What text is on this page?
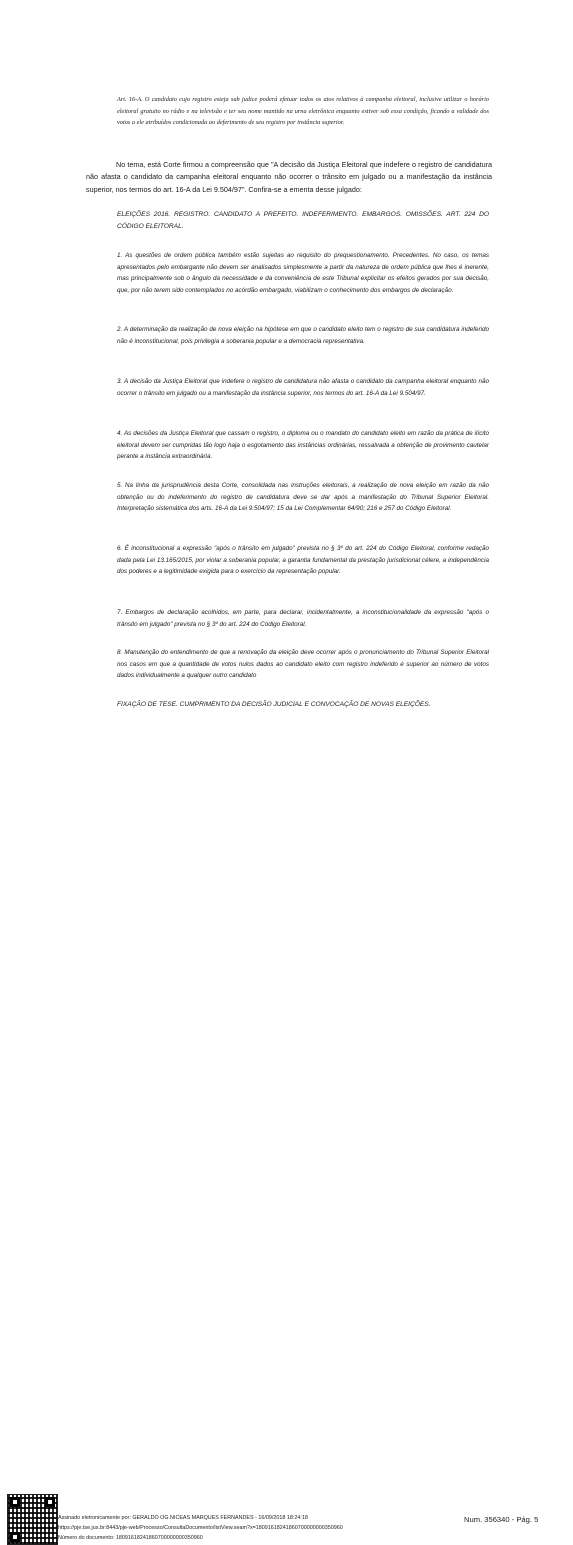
Art. 16-A. O candidato cujo registro esteja sub judice poderá efetuar todos os atos relativos à campanha eleitoral, inclusive utilizar o horário eleitoral gratuito no rádio e na televisão e ter seu nome mantido na urna eletrônica enquanto estiver sob essa condição, ficando a validade dos votos a ele atribuídos condicionada ao deferimento de seu registro por instância superior.
No tema, está Corte firmou a compreensão que "A decisão da Justiça Eleitoral que indefere o registro de candidatura não afasta o candidato da campanha eleitoral enquanto não ocorrer o trânsito em julgado ou a manifestação da instância superior, nos termos do art. 16-A da Lei 9.504/97". Confira-se a ementa desse julgado:

ELEIÇÕES 2016. REGISTRO. CANDIDATO A PREFEITO. INDEFERIMENTO. EMBARGOS. OMISSÕES. ART. 224 DO CÓDIGO ELEITORAL.

1. As questões de ordem pública também estão sujeitas ao requisito do prequestionamento. Precedentes. No caso, os temas apresentados pelo embargante não devem ser analisados simplesmente a partir da natureza de ordem pública que lhes é inerente, mas principalmente sob o ângulo da necessidade e da conveniência de este Tribunal explicitar os efeitos gerados por sua decisão, que, por não terem sido contemplados no acórdão embargado, viabilizam o conhecimento dos embargos de declaração.

2. A determinação da realização de nova eleição na hipótese em que o candidato eleito tem o registro de sua candidatura indeferido não é inconstitucional, pois privilegia a soberania popular e a democracia representativa.

3. A decisão da Justiça Eleitoral que indefere o registro de candidatura não afasta o candidato da campanha eleitoral enquanto não ocorrer o trânsito em julgado ou a manifestação da instância superior, nos termos do art. 16-A da Lei 9.504/97.

4. As decisões da Justiça Eleitoral que cassam o registro, o diploma ou o mandato do candidato eleito em razão da prática de ilícito eleitoral devem ser cumpridas tão logo haja o esgotamento das instâncias ordinárias, ressalvada a obtenção de provimento cautelar perante a instância extraordinária.

5. Na linha da jurisprudência desta Corte, consolidada nas instruções eleitorais, a realização de nova eleição em razão da não obtenção ou do indeferimento do registro de candidatura deve se dar após a manifestação do Tribunal Superior Eleitoral. Interpretação sistemática dos arts. 16-A da Lei 9.504/97; 15 da Lei Complementar 64/90; 216 e 257 do Código Eleitoral.

6. É inconstitucional a expressão "após o trânsito em julgado" prevista no § 3º do art. 224 do Código Eleitoral, conforme redação dada pela Lei 13.165/2015, por violar a soberania popular, a garantia fundamental da prestação jurisdicional célere, a independência dos poderes e a legitimidade exigida para o exercício da representação popular.

7. Embargos de declaração acolhidos, em parte, para declarar, incidentalmente, a inconstitucionalidade da expressão "após o trânsito em julgado" prevista no § 3º do art. 224 do Código Eleitoral.

8. Manutenção do entendimento de que a renovação da eleição deve ocorrer após o pronunciamento do Tribunal Superior Eleitoral nos casos em que a quantidade de votos nulos dados ao candidato eleito com registro indeferido é superior ao número de votos dados individualmente a qualquer outro candidato

FIXAÇÃO DE TESE. CUMPRIMENTO DA DECISÃO JUDICIAL E CONVOCAÇÃO DE NOVAS ELEIÇÕES.

Assinado eletronicamente por: GERALDO OG NICEAS MARQUES FERNANDES - 16/09/2018 18:24:18
https://pje.tse.jus.br:8443/pje-web/Processo/ConsultaDocumento/listView.seam?x=18091618241860700000000350960
Número do documento: 18091618241860700000000350960
Num. 356340 - Pág. 5
